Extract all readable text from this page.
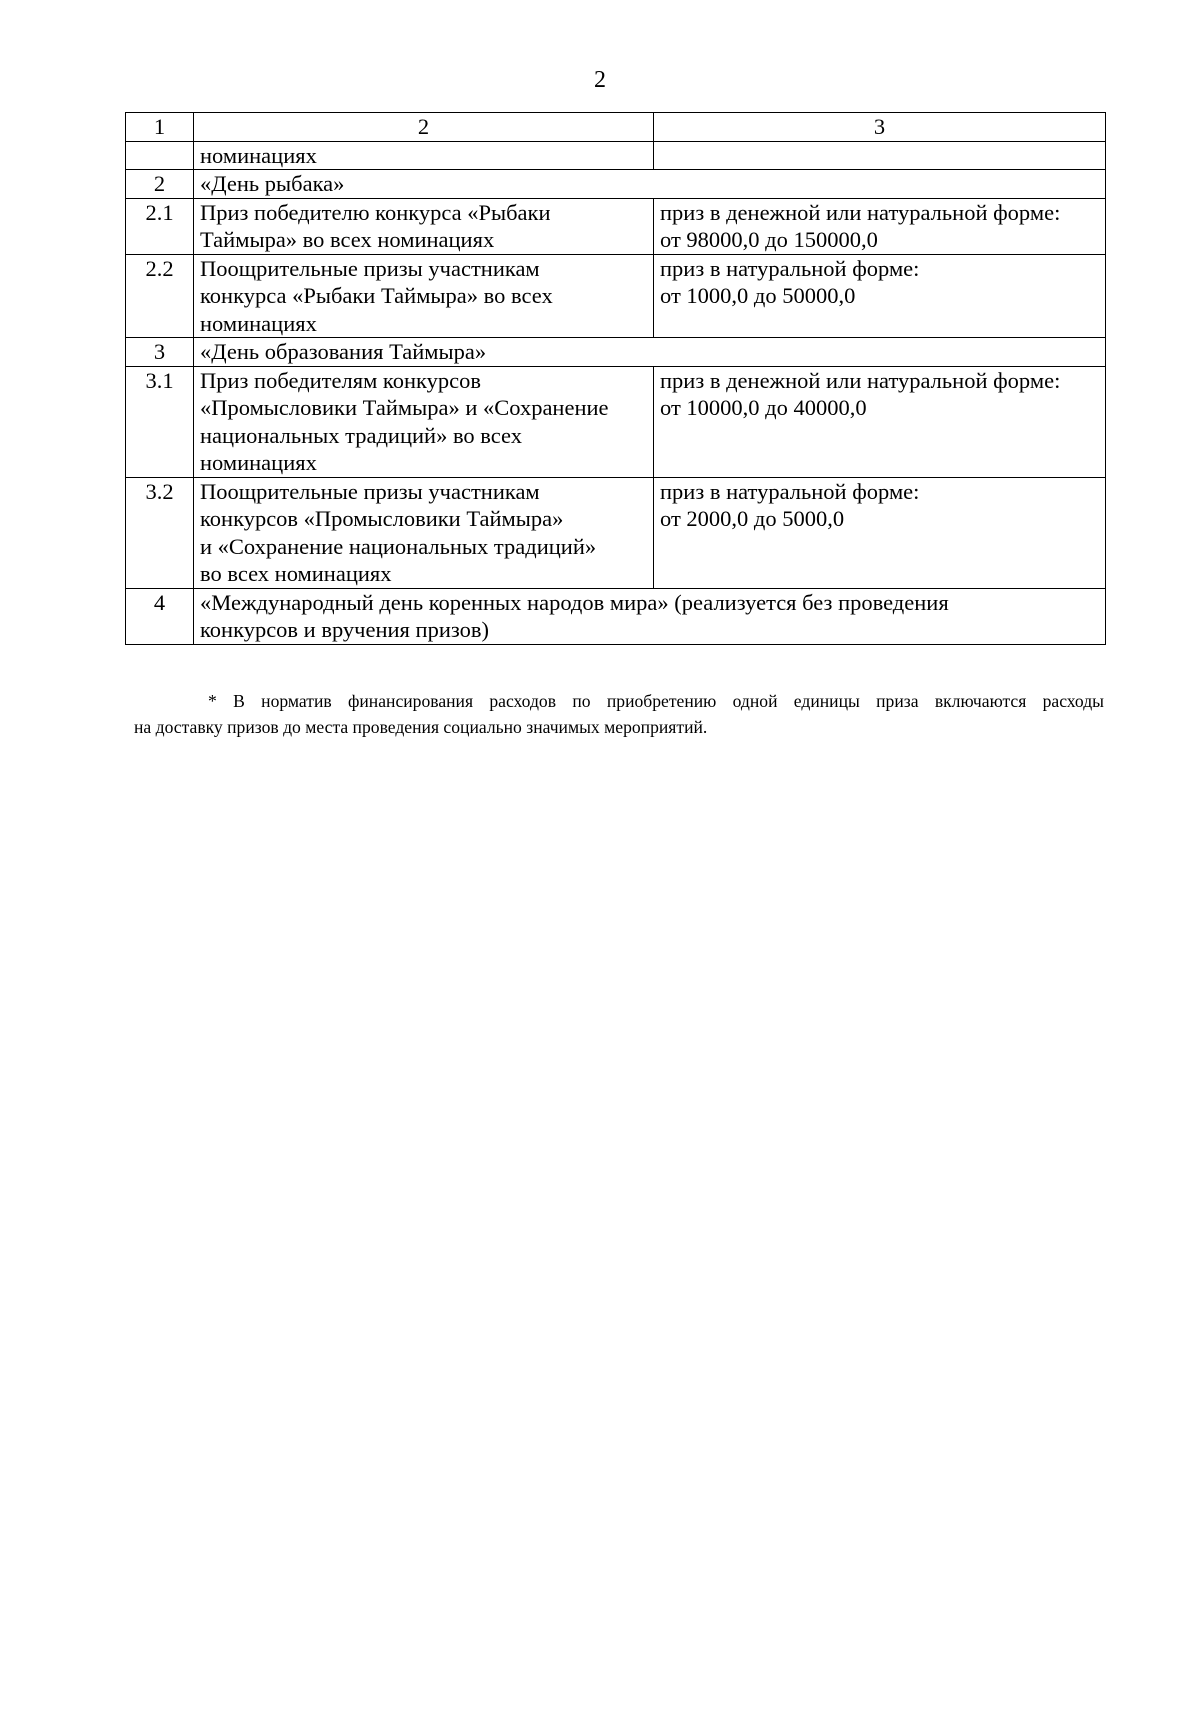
2
1	2	3

	номинациях	

2	«День рыбака»	

2.1	Приз победителю конкурса «Рыбаки
Таймыра» во всех номинациях	приз в денежной или натуральной форме:
от 98000,0 до 150000,0

2.2	Поощрительные призы участникам
конкурса «Рыбаки Таймыра» во всех
номинациях	приз в натуральной форме:
от 1000,0 до 50000,0

3	«День образования Таймыра»	

3.1	Приз победителям конкурсов
«Промысловики Таймыра» и «Сохранение
национальных традиций» во всех
номинациях	приз в денежной или натуральной форме:
от 10000,0 до 40000,0

3.2	Поощрительные призы участникам
конкурсов «Промысловики Таймыра»
и «Сохранение национальных традиций»
во всех номинациях	приз в натуральной форме:
от 2000,0 до 5000,0

4	«Международный день коренных народов мира» (реализуется без проведения
конкурсов и вручения призов)	
* В норматив финансирования расходов по приобретению одной единицы приза включаются расходы
на доставку призов до места проведения социально значимых мероприятий.
